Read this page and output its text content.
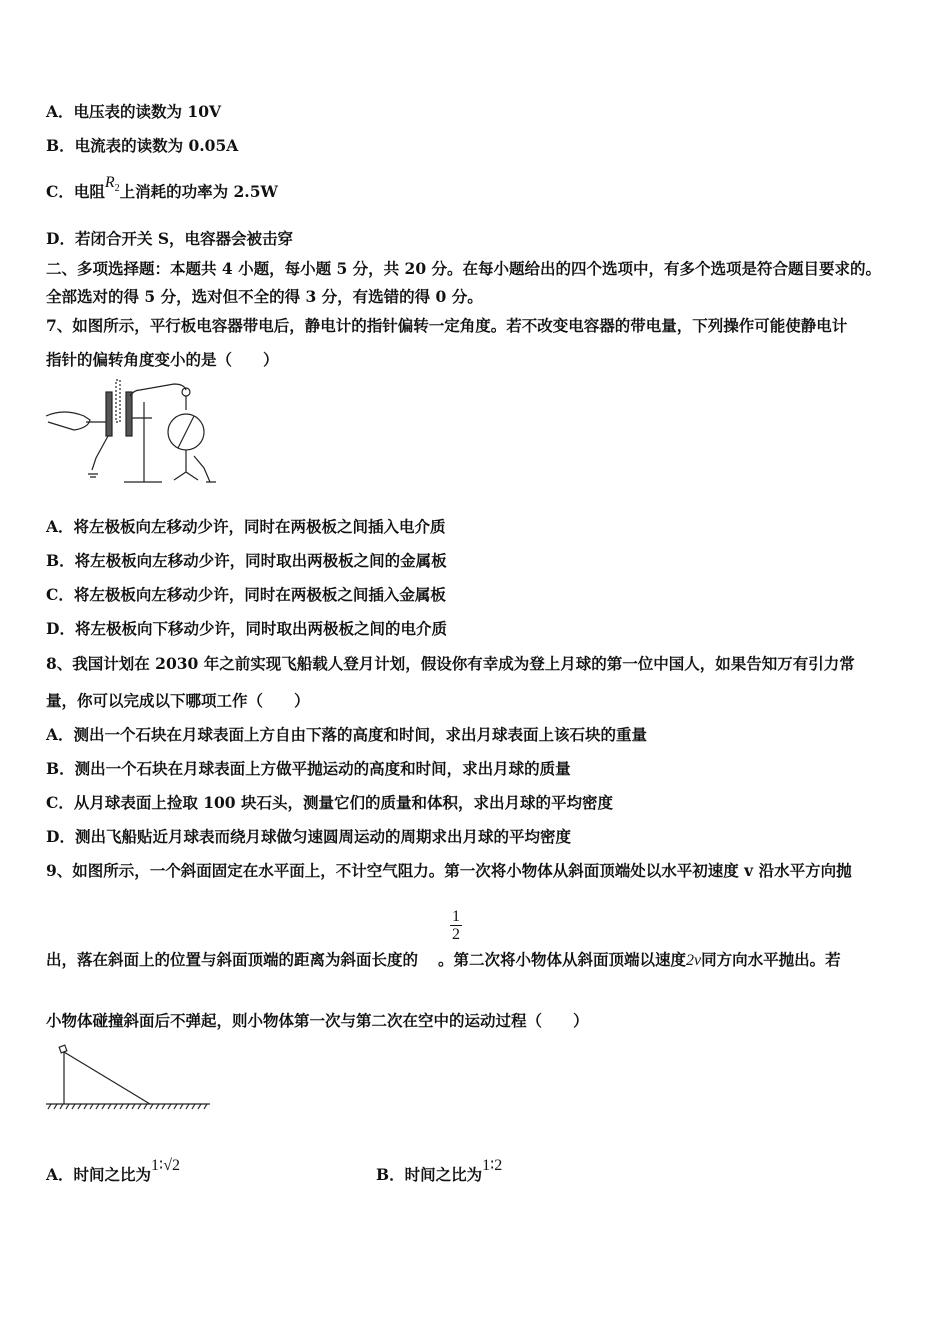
A．电压表的读数为 10V
B．电流表的读数为 0.05A
C．电阻$R_2$上消耗的功率为 2.5W
D．若闭合开关 S，电容器会被击穿
二、多项选择题：本题共 4 小题，每小题 5 分，共 20 分。在每小题给出的四个选项中，有多个选项是符合题目要求的。
全部选对的得 5 分，选对但不全的得 3 分，有选错的得 0 分。
7、如图所示，平行板电容器带电后，静电计的指针偏转一定角度。若不改变电容器的带电量，下列操作可能使静电计
指针的偏转角度变小的是（　　）
A．将左极板向左移动少许，同时在两极板之间插入电介质
B．将左极板向左移动少许，同时取出两极板之间的金属板
C．将左极板向左移动少许，同时在两极板之间插入金属板
D．将左极板向下移动少许，同时取出两极板之间的电介质
8、我国计划在 2030 年之前实现飞船载人登月计划，假设你有幸成为登上月球的第一位中国人，如果告知万有引力常
量，你可以完成以下哪项工作（　　）
A．测出一个石块在月球表面上方自由下落的高度和时间，求出月球表面上该石块的重量
B．测出一个石块在月球表面上方做平抛运动的高度和时间，求出月球的质量
C．从月球表面上捡取 100 块石头，测量它们的质量和体积，求出月球的平均密度
D．测出飞船贴近月球表而绕月球做匀速圆周运动的周期求出月球的平均密度
9、如图所示，一个斜面固定在水平面上，不计空气阻力。第一次将小物体从斜面顶端处以水平初速度 v 沿水平方向抛
$\frac{1}{2}$
出，落在斜面上的位置与斜面顶端的距离为斜面长度的 。第二次将小物体从斜面顶端以速度2v同方向水平抛出。若
小物体碰撞斜面后不弹起，则小物体第一次与第二次在空中的运动过程（　　）
A．时间之比为1∶√2	B．时间之比为1∶2
